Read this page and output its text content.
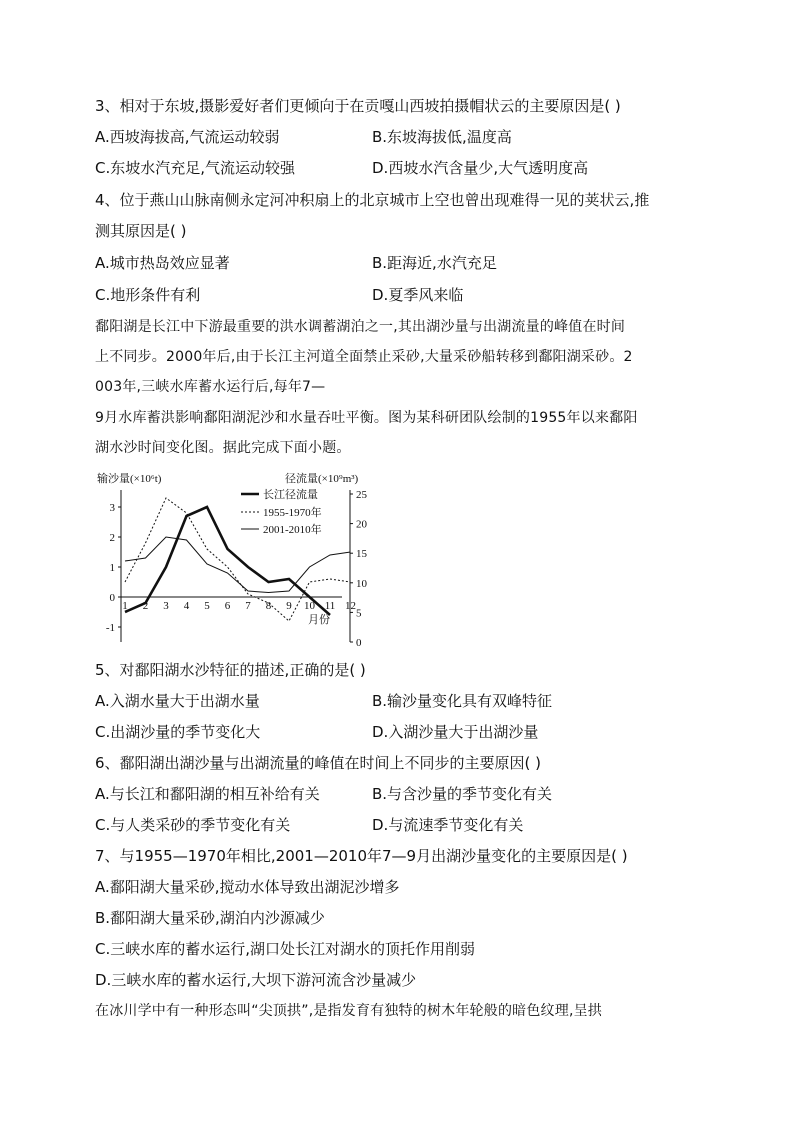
3、相对于东坡,摄影爱好者们更倾向于在贡嘎山西坡拍摄帽状云的主要原因是( )
A.西坡海拔高,气流运动较弱	B.东坡海拔低,温度高
C.东坡水汽充足,气流运动较强	D.西坡水汽含量少,大气透明度高
4、位于燕山山脉南侧永定河冲积扇上的北京城市上空也曾出现难得一见的荚状云,推
测其原因是( )
A.城市热岛效应显著	B.距海近,水汽充足
C.地形条件有利	D.夏季风来临
鄱阳湖是长江中下游最重要的洪水调蓄湖泊之一,其出湖沙量与出湖流量的峰值在时间
上不同步。2000年后,由于长江主河道全面禁止采砂,大量采砂船转移到鄱阳湖采砂。2
003年,三峡水库蓄水运行后,每年7—
9月水库蓄洪影响鄱阳湖泥沙和水量吞吐平衡。图为某科研团队绘制的1955年以来鄱阳
湖水沙时间变化图。据此完成下面小题。
输沙量(×10⁶t)	径流量(×10⁹m³)
3
2
1
0
-1
25
20
15
10
5
0
1 2 3 4 5 6 7 8 9 10 11 12
长江径流量
1955-1970年
2001-2010年
月份
5、对鄱阳湖水沙特征的描述,正确的是( )
A.入湖水量大于出湖水量	B.输沙量变化具有双峰特征
C.出湖沙量的季节变化大	D.入湖沙量大于出湖沙量
6、鄱阳湖出湖沙量与出湖流量的峰值在时间上不同步的主要原因( )
A.与长江和鄱阳湖的相互补给有关	B.与含沙量的季节变化有关
C.与人类采砂的季节变化有关	D.与流速季节变化有关
7、与1955—1970年相比,2001—2010年7—9月出湖沙量变化的主要原因是( )
A.鄱阳湖大量采砂,搅动水体导致出湖泥沙增多
B.鄱阳湖大量采砂,湖泊内沙源减少
C.三峡水库的蓄水运行,湖口处长江对湖水的顶托作用削弱
D.三峡水库的蓄水运行,大坝下游河流含沙量减少
在冰川学中有一种形态叫“尖顶拱”,是指发育有独特的树木年轮般的暗色纹理,呈拱
